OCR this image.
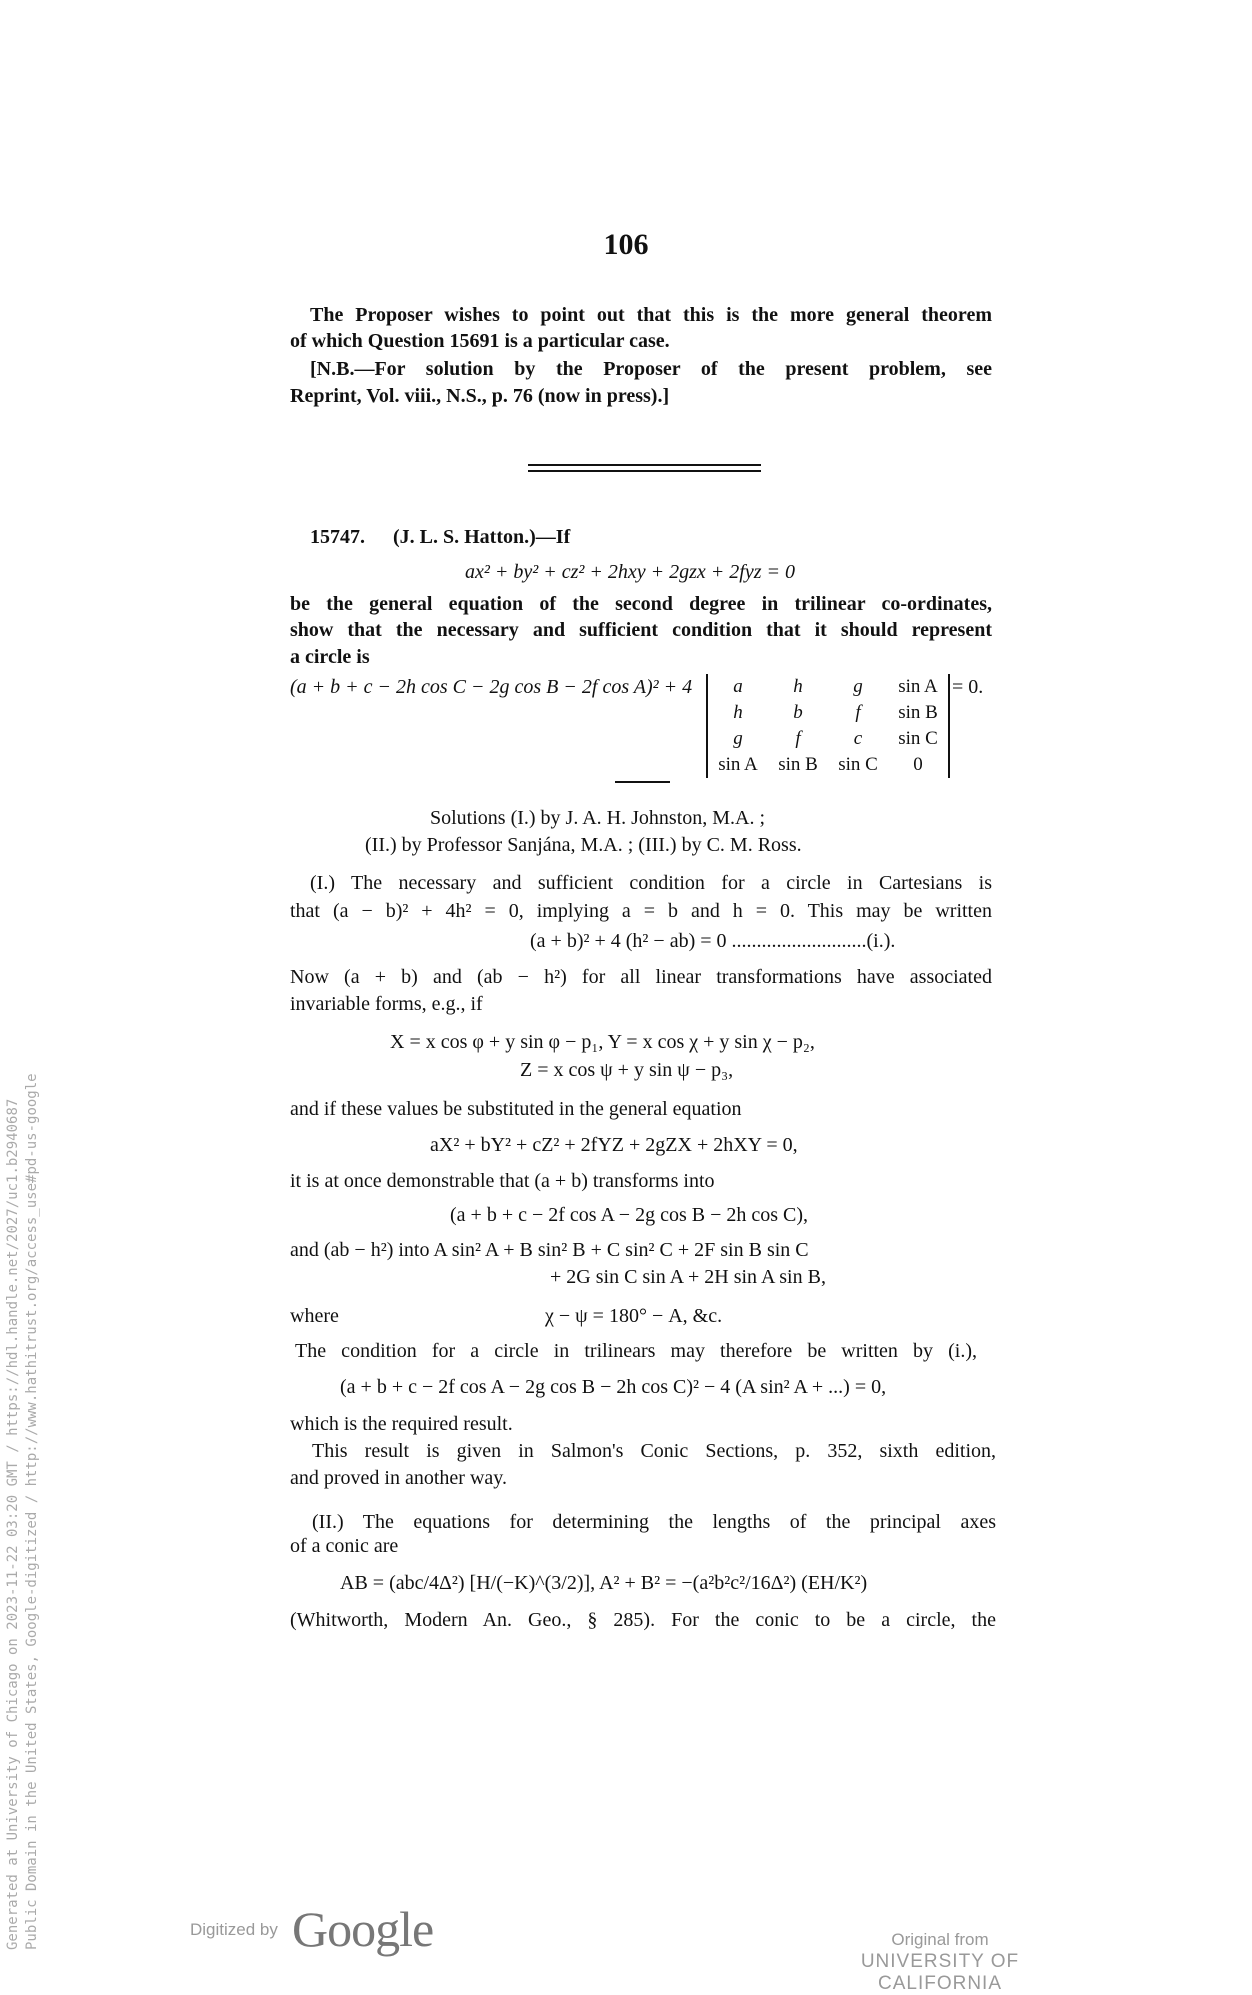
106
The Proposer wishes to point out that this is the more general theorem
of which Question 15691 is a particular case.
[N.B.—For solution by the Proposer of the present problem, see
Reprint, Vol. viii., N.S., p. 76 (now in press).]
15747. (J. L. S. Hatton.)—If
ax² + by² + cz² + 2hxy + 2gzx + 2fyz = 0
be the general equation of the second degree in trilinear co-ordinates,
show that the necessary and sufficient condition that it should represent
a circle is
(a + b + c − 2h cos C − 2g cos B − 2f cos A)² + 4 a	h	g	sin A
h	b	f	sin B
g	f	c	sin C
sin A	sin B	sin C	0
= 0.
Solutions (I.) by J. A. H. Johnston, M.A. ;
(II.) by Professor Sanjána, M.A. ; (III.) by C. M. Ross.
(I.) The necessary and sufficient condition for a circle in Cartesians is
that (a − b)² + 4h² = 0, implying a = b and h = 0. This may be written
(a + b)² + 4 (h² − ab) = 0 ...........................(i.).
Now (a + b) and (ab − h²) for all linear transformations have associated
invariable forms, e.g., if
X = x cos φ + y sin φ − p₁, Y = x cos χ + y sin χ − p₂,
Z = x cos ψ + y sin ψ − p₃,
and if these values be substituted in the general equation
aX² + bY² + cZ² + 2fYZ + 2gZX + 2hXY = 0,
it is at once demonstrable that (a + b) transforms into
(a + b + c − 2f cos A − 2g cos B − 2h cos C),
and (ab − h²) into A sin² A + B sin² B + C sin² C + 2F sin B sin C
+ 2G sin C sin A + 2H sin A sin B,
where	χ − ψ = 180° − A, &c.
The condition for a circle in trilinears may therefore be written by (i.),
(a + b + c − 2f cos A − 2g cos B − 2h cos C)² − 4 (A sin² A + ...) = 0,
which is the required result.
This result is given in Salmon's Conic Sections, p. 352, sixth edition,
and proved in another way.
(II.) The equations for determining the lengths of the principal axes
of a conic are
AB = (abc/4Δ²) [H/(−K)^(3/2)], A² + B² = −(a²b²c²/16Δ²) (EH/K²)
(Whitworth, Modern An. Geo., § 285). For the conic to be a circle, the
Generated at University of Chicago on 2023-11-22 03:20 GMT / https://hdl.handle.net/2027/uc1.b2940687 Public Domain in the United States, Google-digitized / http://www.hathitrust.org/access_use#pd-us-google	Digitized by Google	Original from
UNIVERSITY OF CALIFORNIA
